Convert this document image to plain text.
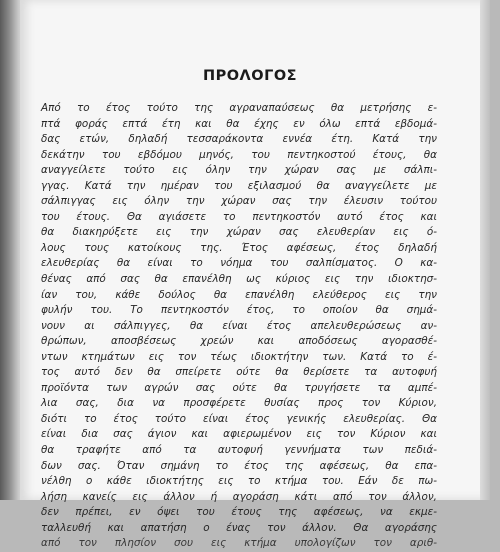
ΠΡΟΛΟΓΟΣ
Από το έτος τούτο της αγραναπαύσεως θα μετρήσης ε-
πτά φοράς επτά έτη και θα έχης εν όλω επτά εβδομά-
δας ετών, δηλαδή τεσσαράκοντα εννέα έτη. Κατά την
δεκάτην του εβδόμου μηνός, του πεντηκοστού έτους, θα
αναγγείλετε τούτο εις όλην την χώραν σας με σάλπι-
γγας. Κατά την ημέραν του εξιλασμού θα αναγγείλετε με
σάλπιγγας εις όλην την χώραν σας την έλευσιν τούτου
του έτους. Θα αγιάσετε το πεντηκοστόν αυτό έτος και
θα διακηρύξετε εις την χώραν σας ελευθερίαν εις ό-
λους τους κατοίκους της. Έτος αφέσεως, έτος δηλαδή
ελευθερίας θα είναι το νόημα του σαλπίσματος. Ο κα-
θένας από σας θα επανέλθη ως κύριος εις την ιδιοκτησ-
ίαν του, κάθε δούλος θα επανέλθη ελεύθερος εις την
φυλήν του. Το πεντηκοστόν έτος, το οποίον θα σημά-
νουν αι σάλπιγγες, θα είναι έτος απελευθερώσεως αν-
θρώπων, αποσβέσεως χρεών και αποδόσεως αγορασθέ-
ντων κτημάτων εις τον τέως ιδιοκτήτην των. Κατά το έ-
τος αυτό δεν θα σπείρετε ούτε θα θερίσετε τα αυτοφυή
προϊόντα των αγρών σας ούτε θα τρυγήσετε τα αμπέ-
λια σας, δια να προσφέρετε θυσίας προς τον Κύριον,
διότι το έτος τούτο είναι έτος γενικής ελευθερίας. Θα
είναι δια σας άγιον και αφιερωμένον εις τον Κύριον και
θα τραφήτε από τα αυτοφυή γεννήματα των πεδιά-
δων σας. Όταν σημάνη το έτος της αφέσεως, θα επα-
νέλθη ο κάθε ιδιοκτήτης εις το κτήμα του. Εάν δε πω-
λήση κανείς εις άλλον ή αγοράση κάτι από τον άλλον,
δεν πρέπει, εν όψει του έτους της αφέσεως, να εκμε-
ταλλευθή και απατήση ο ένας τον άλλον. Θα αγοράσης
από τον πλησίον σου εις κτήμα υπολογίζων τον αριθ-
